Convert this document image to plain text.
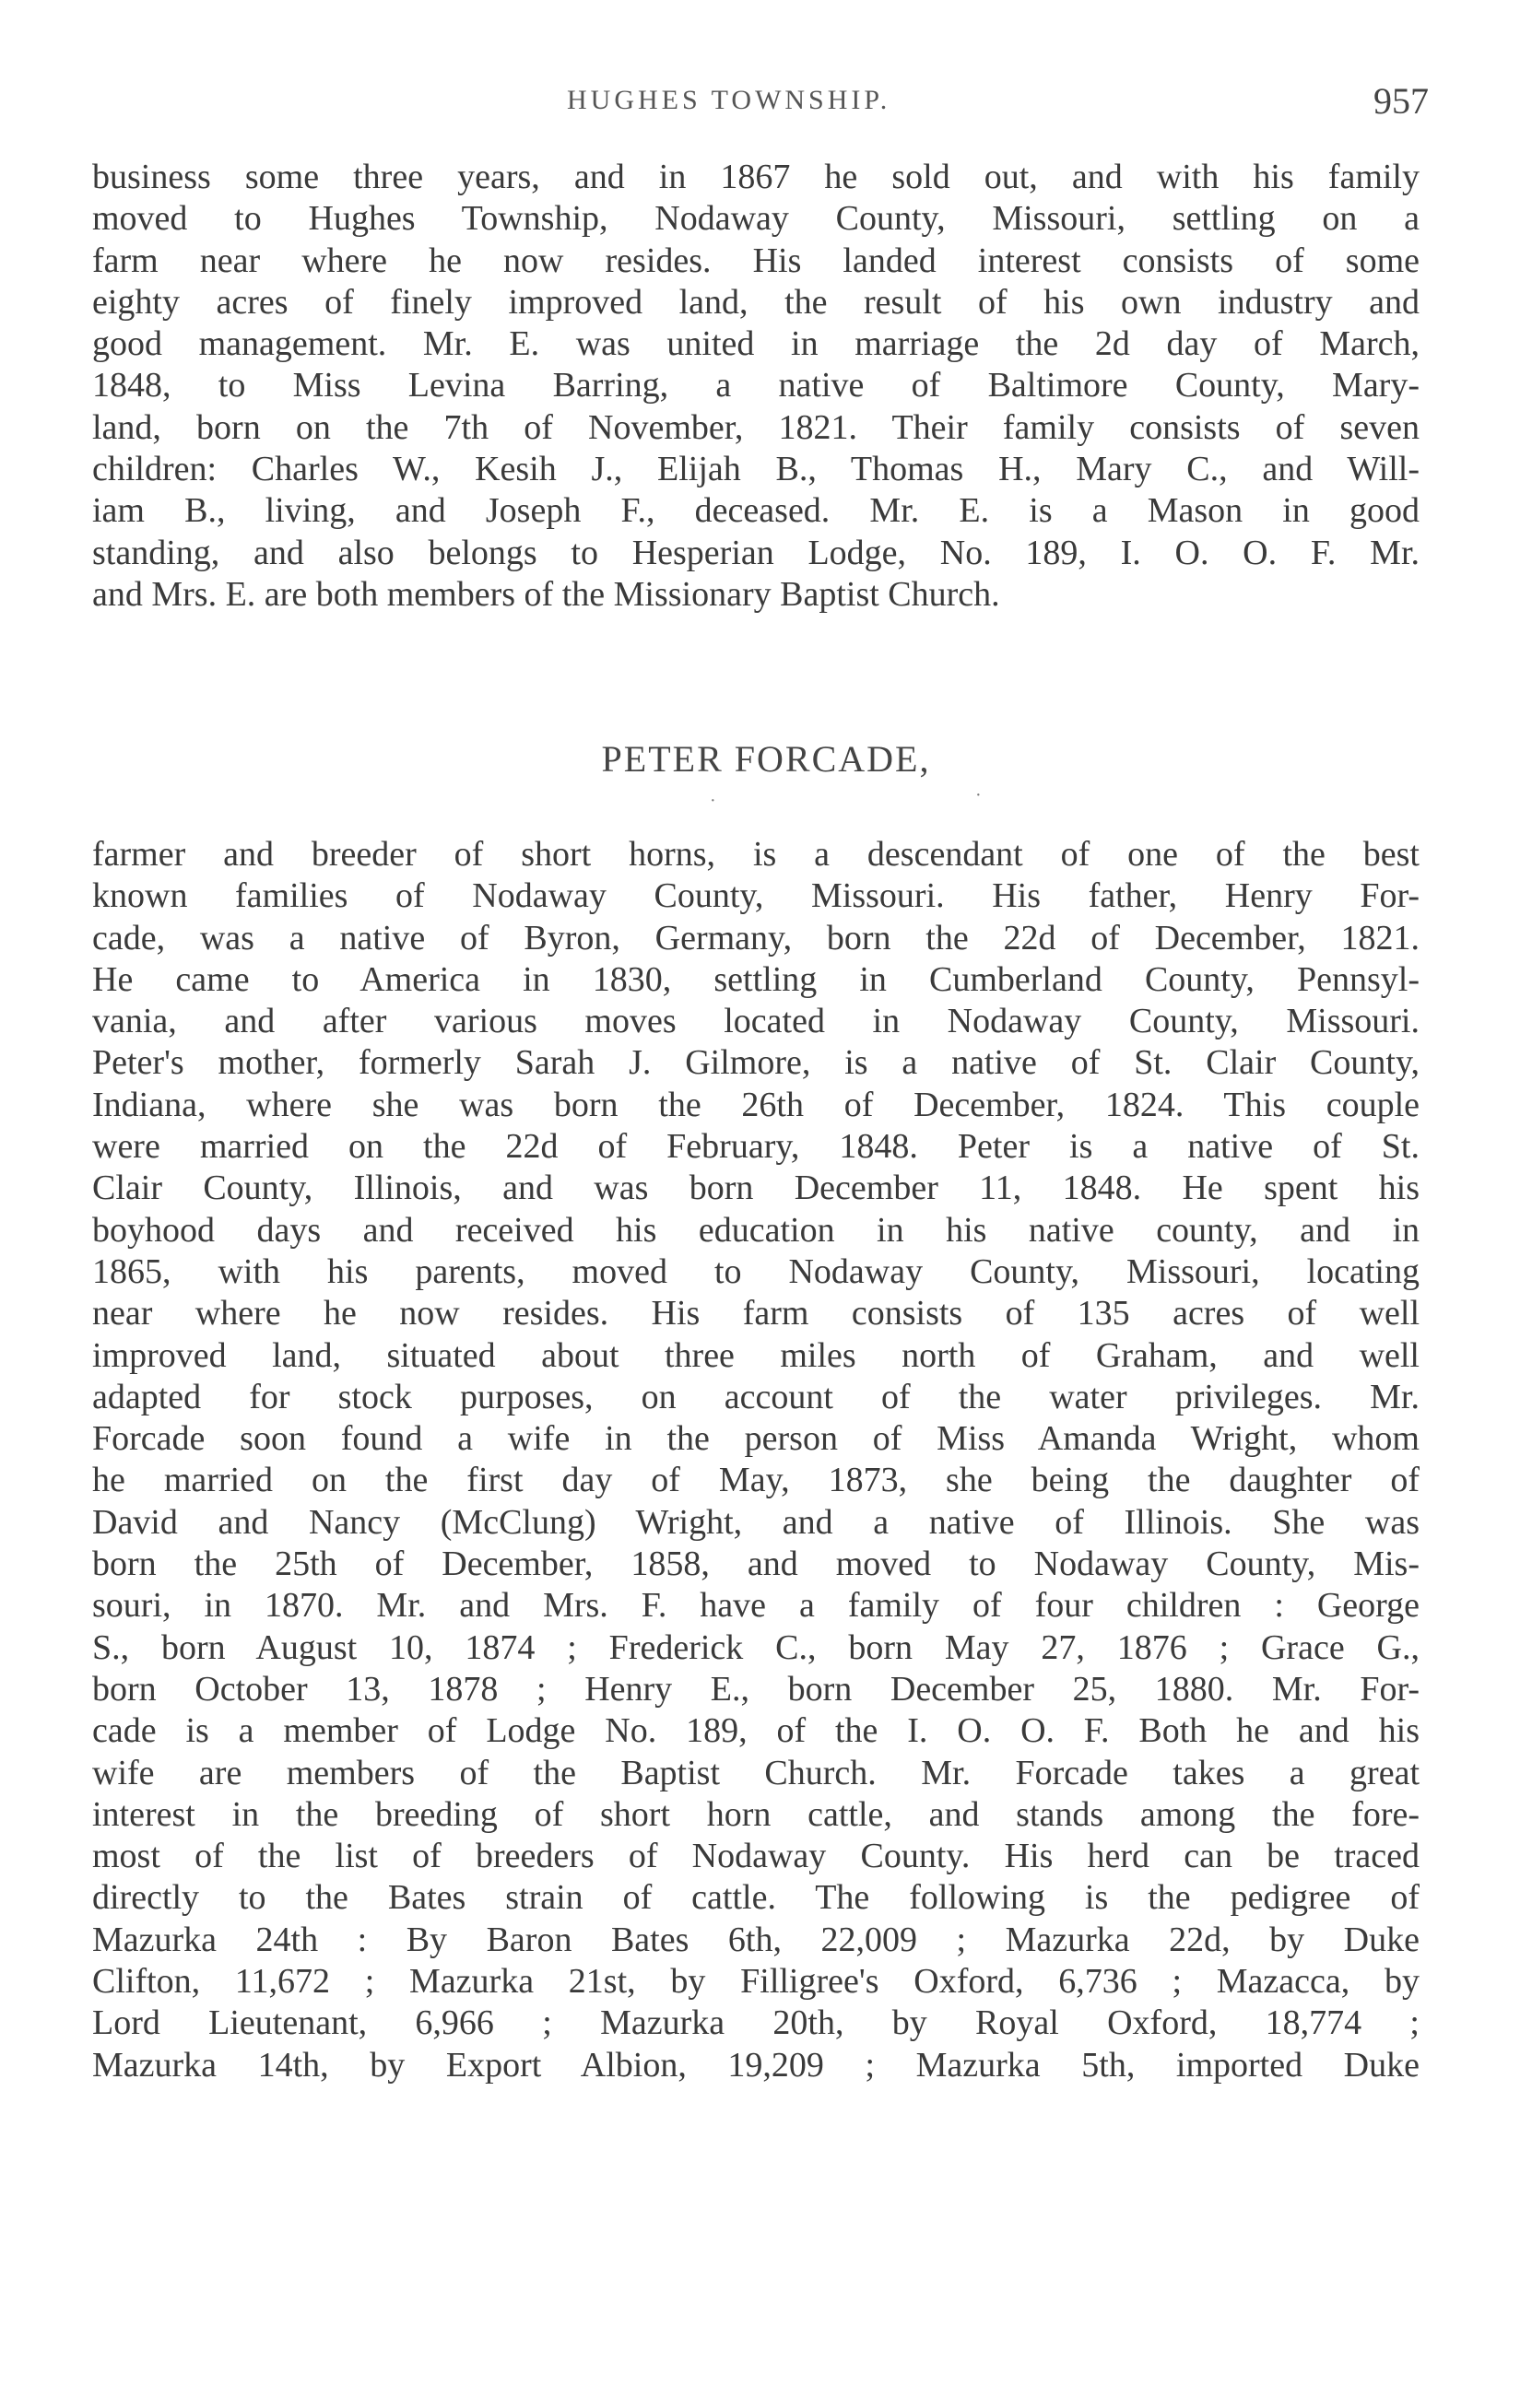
HUGHES TOWNSHIP.	957
business some three years, and in 1867 he sold out, and with his family
moved to Hughes Township, Nodaway County, Missouri, settling on a
farm near where he now resides. His landed interest consists of some
eighty acres of finely improved land, the result of his own industry and
good management. Mr. E. was united in marriage the 2d day of March,
1848, to Miss Levina Barring, a native of Baltimore County, Mary-
land, born on the 7th of November, 1821. Their family consists of seven
children: Charles W., Kesih J., Elijah B., Thomas H., Mary C., and Will-
iam B., living, and Joseph F., deceased. Mr. E. is a Mason in good
standing, and also belongs to Hesperian Lodge, No. 189, I. O. O. F. Mr.
and Mrs. E. are both members of the Missionary Baptist Church.
PETER FORCADE,
·	·
farmer and breeder of short horns, is a descendant of one of the best
known families of Nodaway County, Missouri. His father, Henry For-
cade, was a native of Byron, Germany, born the 22d of December, 1821.
He came to America in 1830, settling in Cumberland County, Pennsyl-
vania, and after various moves located in Nodaway County, Missouri.
Peter's mother, formerly Sarah J. Gilmore, is a native of St. Clair County,
Indiana, where she was born the 26th of December, 1824. This couple
were married on the 22d of February, 1848. Peter is a native of St.
Clair County, Illinois, and was born December 11, 1848. He spent his
boyhood days and received his education in his native county, and in
1865, with his parents, moved to Nodaway County, Missouri, locating
near where he now resides. His farm consists of 135 acres of well
improved land, situated about three miles north of Graham, and well
adapted for stock purposes, on account of the water privileges. Mr.
Forcade soon found a wife in the person of Miss Amanda Wright, whom
he married on the first day of May, 1873, she being the daughter of
David and Nancy (McClung) Wright, and a native of Illinois. She was
born the 25th of December, 1858, and moved to Nodaway County, Mis-
souri, in 1870. Mr. and Mrs. F. have a family of four children : George
S., born August 10, 1874 ; Frederick C., born May 27, 1876 ; Grace G.,
born October 13, 1878 ; Henry E., born December 25, 1880. Mr. For-
cade is a member of Lodge No. 189, of the I. O. O. F. Both he and his
wife are members of the Baptist Church. Mr. Forcade takes a great
interest in the breeding of short horn cattle, and stands among the fore-
most of the list of breeders of Nodaway County. His herd can be traced
directly to the Bates strain of cattle. The following is the pedigree of
Mazurka 24th : By Baron Bates 6th, 22,009 ; Mazurka 22d, by Duke
Clifton, 11,672 ; Mazurka 21st, by Filligree's Oxford, 6,736 ; Mazacca, by
Lord Lieutenant, 6,966 ; Mazurka 20th, by Royal Oxford, 18,774 ;
Mazurka 14th, by Export Albion, 19,209 ; Mazurka 5th, imported Duke
